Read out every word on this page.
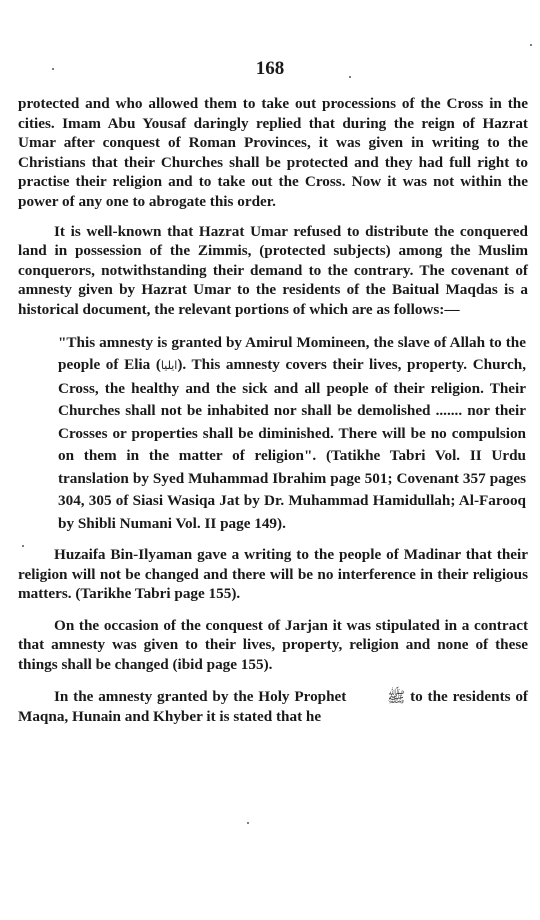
168

protected and who allowed them to take out processions of the Cross in the cities. Imam Abu Yousaf daringly replied that during the reign of Hazrat Umar after conquest of Roman Provinces, it was given in writing to the Christians that their Churches shall be protected and they had full right to practise their religion and to take out the Cross. Now it was not within the power of any one to abrogate this order.

It is well-known that Hazrat Umar refused to distribute the conquered land in possession of the Zimmis, (protected subjects) among the Muslim conquerors, notwithstanding their demand to the contrary. The covenant of amnesty given by Hazrat Umar to the residents of the Baitual Maqdas is a historical document, the relevant portions of which are as follows:—

"This amnesty is granted by Amirul Momineen, the slave of Allah to the people of Elia (ایلیا). This amnesty covers their lives, property. Church, Cross, the healthy and the sick and all people of their religion. Their Churches shall not be inhabited nor shall be demolished ....... nor their Crosses or properties shall be diminished. There will be no compulsion on them in the matter of religion". (Tatikhe Tabri Vol. II Urdu translation by Syed Muhammad Ibrahim page 501; Covenant 357 pages 304, 305 of Siasi Wasiqa Jat by Dr. Muhammad Hamidullah; Al-Farooq by Shibli Numani Vol. II page 149).

Huzaifa Bin-Ilyaman gave a writing to the people of Madinar that their religion will not be changed and there will be no interference in their religious matters. (Tarikhe Tabri page 155).

On the occasion of the conquest of Jarjan it was stipulated in a contract that amnesty was given to their lives, property, religion and none of these things shall be changed (ibid page 155).

In the amnesty granted by the Holy Prophet ﷺ to the residents of Maqna, Hunain and Khyber it is stated that he
